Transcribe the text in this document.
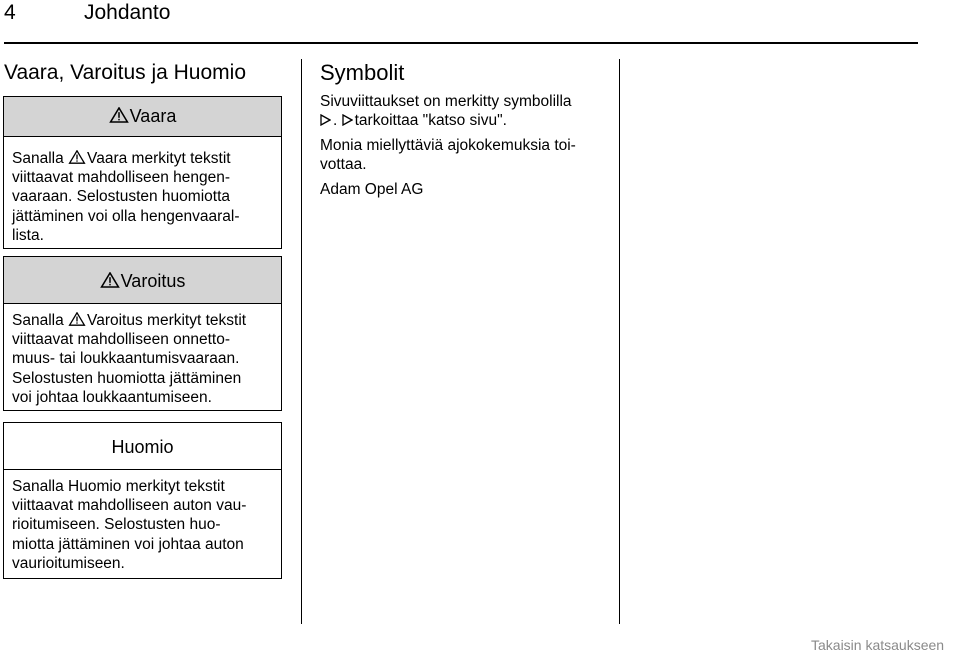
4	Johdanto
Vaara, Varoitus ja Huomio
Vaara
Sanalla Vaara merkityt tekstit
viittaavat mahdolliseen hengen-
vaaraan. Selostusten huomiotta
jättäminen voi olla hengenvaaral-
lista.
Varoitus
Sanalla Varoitus merkityt tekstit
viittaavat mahdolliseen onnetto-
muus- tai loukkaantumisvaaraan.
Selostusten huomiotta jättäminen
voi johtaa loukkaantumiseen.
Huomio
Sanalla Huomio merkityt tekstit
viittaavat mahdolliseen auton vau-
rioitumiseen. Selostusten huo-
miotta jättäminen voi johtaa auton
vaurioitumiseen.
Symbolit
Sivuviittaukset on merkitty symbolilla
. tarkoittaa "katso sivu".
Monia miellyttäviä ajokokemuksia toi-
vottaa.
Adam Opel AG
Takaisin katsaukseen
